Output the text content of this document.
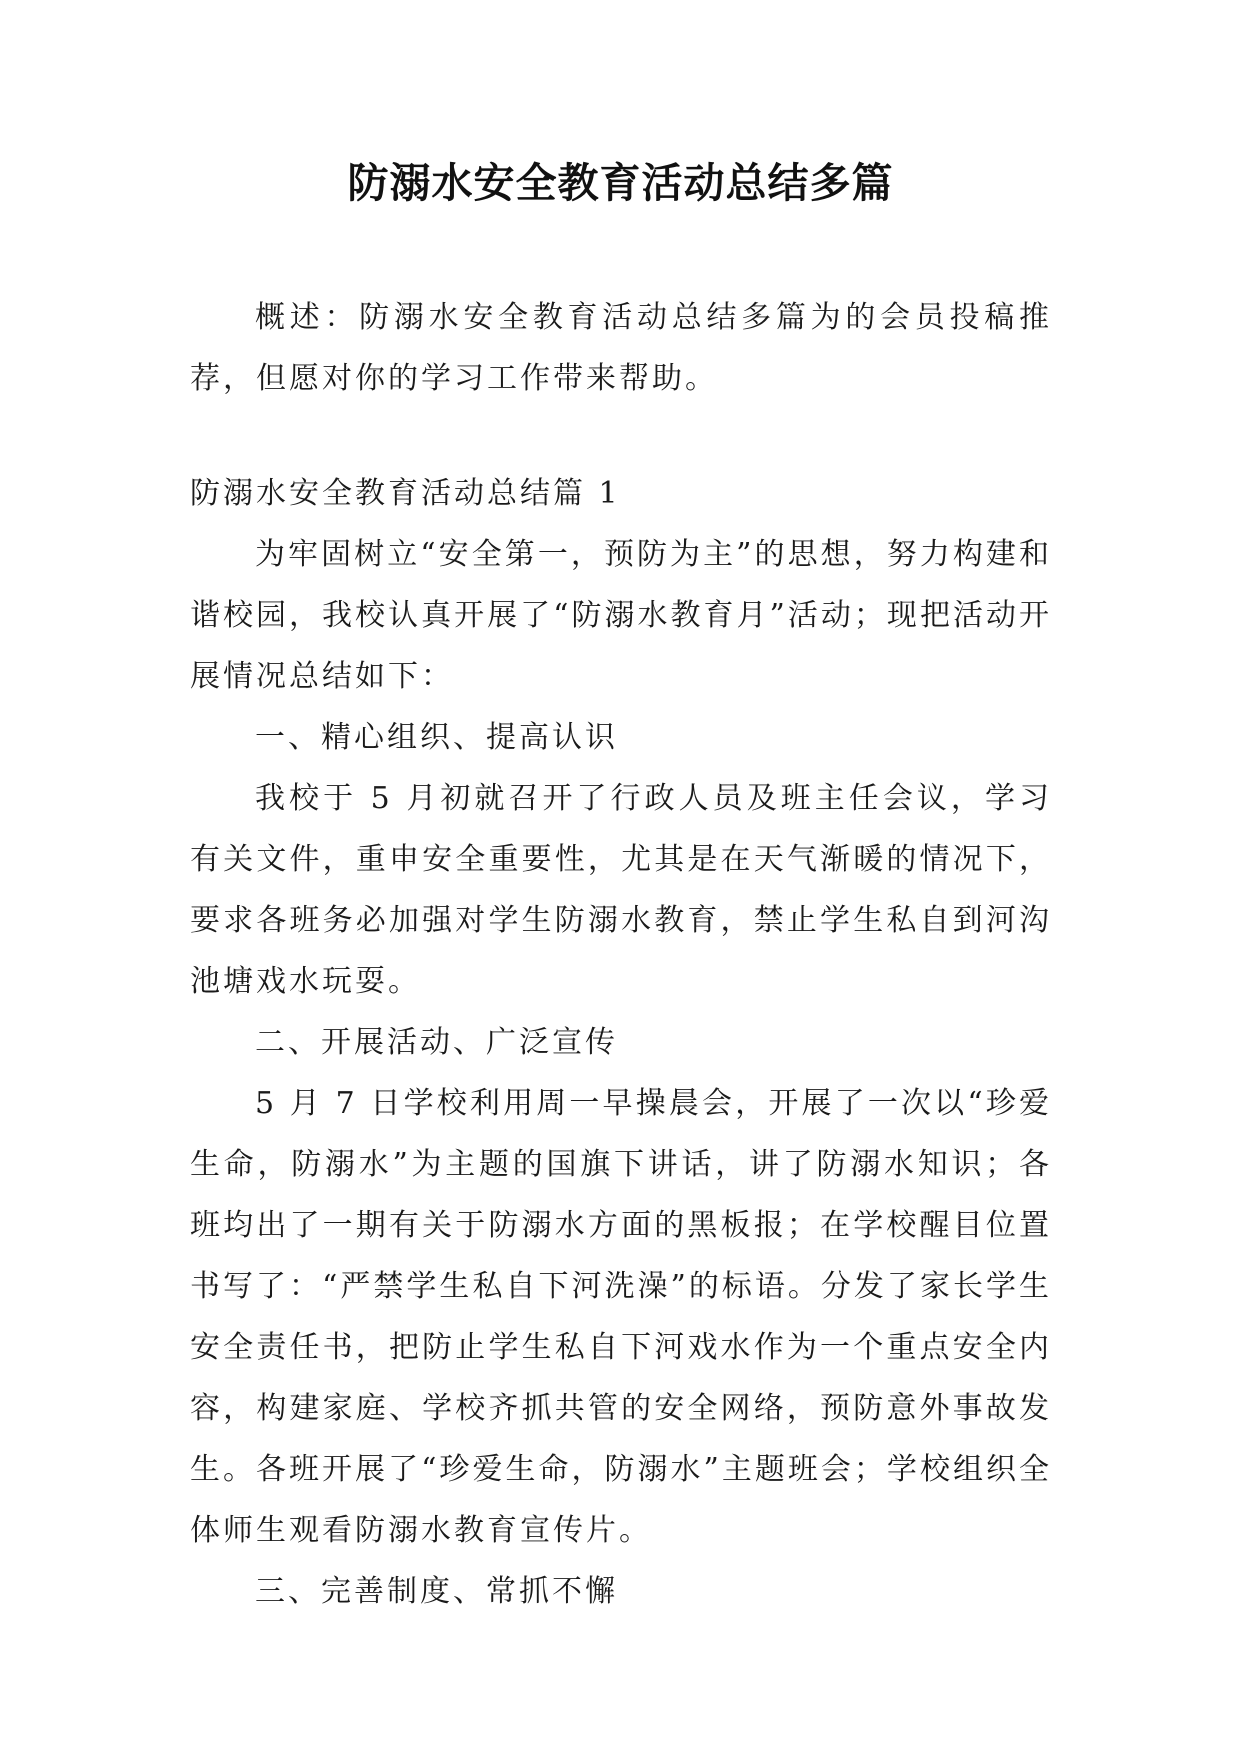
防溺水安全教育活动总结多篇

概述：防溺水安全教育活动总结多篇为的会员投稿推荐，但愿对你的学习工作带来帮助。

防溺水安全教育活动总结篇 1

为牢固树立“安全第一，预防为主”的思想，努力构建和谐校园，我校认真开展了“防溺水教育月”活动；现把活动开展情况总结如下：

一、精心组织、提高认识

我校于 5 月初就召开了行政人员及班主任会议，学习有关文件，重申安全重要性，尤其是在天气渐暖的情况下，要求各班务必加强对学生防溺水教育，禁止学生私自到河沟池塘戏水玩耍。

二、开展活动、广泛宣传

5 月 7 日学校利用周一早操晨会，开展了一次以“珍爱生命，防溺水”为主题的国旗下讲话，讲了防溺水知识；各班均出了一期有关于防溺水方面的黑板报；在学校醒目位置书写了：“严禁学生私自下河洗澡”的标语。分发了家长学生安全责任书，把防止学生私自下河戏水作为一个重点安全内容，构建家庭、学校齐抓共管的安全网络，预防意外事故发生。各班开展了“珍爱生命，防溺水”主题班会；学校组织全体师生观看防溺水教育宣传片。

三、完善制度、常抓不懈
